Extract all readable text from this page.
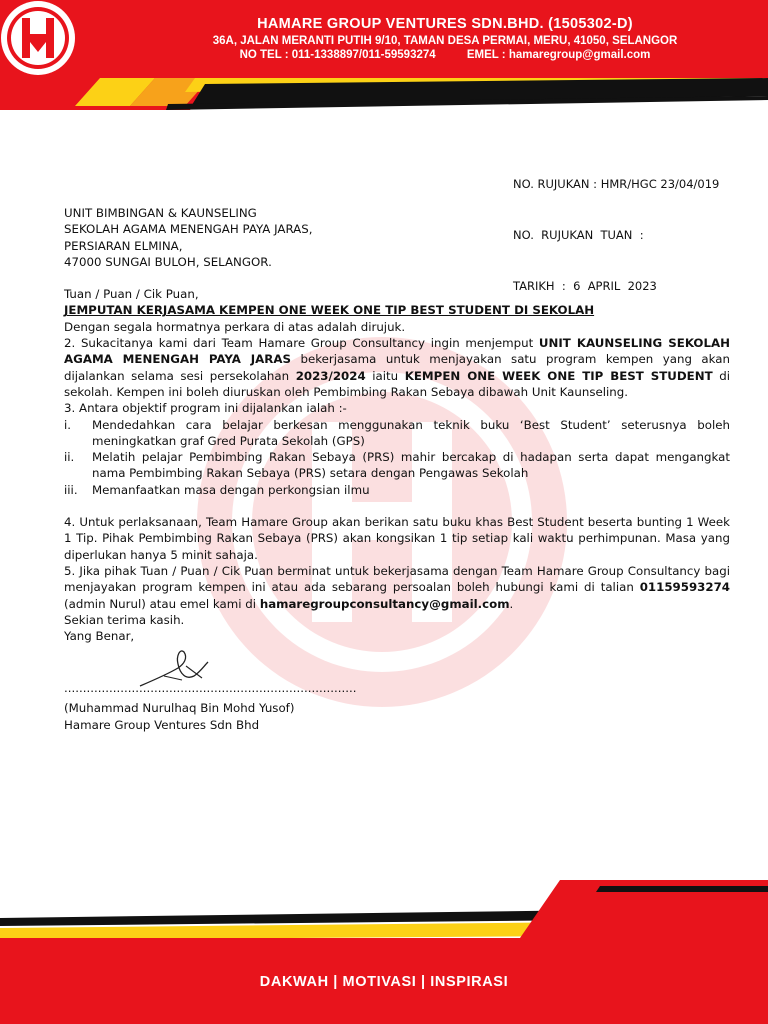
HAMARE GROUP VENTURES SDN.BHD. (1505302-D)
36A, JALAN MERANTI PUTIH 9/10, TAMAN DESA PERMAI, MERU, 41050, SELANGOR
NO TEL : 011-1338897/011-59593274	EMEL : hamaregroup@gmail.com

NO. RUJUKAN : HMR/HGC 23/04/019

NO.  RUJUKAN  TUAN  :

TARIKH  :  6  APRIL  2023

UNIT BIMBINGAN & KAUNSELING
SEKOLAH AGAMA MENENGAH PAYA JARAS,
PERSIARAN ELMINA,
47000 SUNGAI BULOH, SELANGOR.

Tuan / Puan / Cik Puan,

JEMPUTAN KERJASAMA KEMPEN ONE WEEK ONE TIP BEST STUDENT DI SEKOLAH

Dengan segala hormatnya perkara di atas adalah dirujuk.

2. Sukacitanya kami dari Team Hamare Group Consultancy ingin menjemput UNIT KAUNSELING SEKOLAH AGAMA MENENGAH PAYA JARAS bekerjasama untuk menjayakan satu program kempen yang akan dijalankan selama sesi persekolahan 2023/2024 iaitu KEMPEN ONE WEEK ONE TIP BEST STUDENT di sekolah. Kempen ini boleh diuruskan oleh Pembimbing Rakan Sebaya dibawah Unit Kaunseling.

3. Antara objektif program ini dijalankan ialah :-

i. Mendedahkan cara belajar berkesan menggunakan teknik buku ‘Best Student’ seterusnya boleh meningkatkan graf Gred Purata Sekolah (GPS)
ii. Melatih pelajar Pembimbing Rakan Sebaya (PRS) mahir bercakap di hadapan serta dapat mengangkat nama Pembimbing Rakan Sebaya (PRS) setara dengan Pengawas Sekolah
iii. Memanfaatkan masa dengan perkongsian ilmu

4. Untuk perlaksanaan, Team Hamare Group akan berikan satu buku khas Best Student beserta bunting 1 Week 1 Tip. Pihak Pembimbing Rakan Sebaya (PRS) akan kongsikan 1 tip setiap kali waktu perhimpunan. Masa yang diperlukan hanya 5 minit sahaja.

5. Jika pihak Tuan / Puan / Cik Puan berminat untuk bekerjasama dengan Team Hamare Group Consultancy bagi menjayakan program kempen ini atau ada sebarang persoalan boleh hubungi kami di talian 01159593274 (admin Nurul) atau emel kami di hamaregroupconsultancy@gmail.com.

Sekian terima kasih.

Yang Benar,

..............................................................................
(Muhammad Nurulhaq Bin Mohd Yusof)
Hamare Group Ventures Sdn Bhd
DAKWAH | MOTIVASI | INSPIRASI
